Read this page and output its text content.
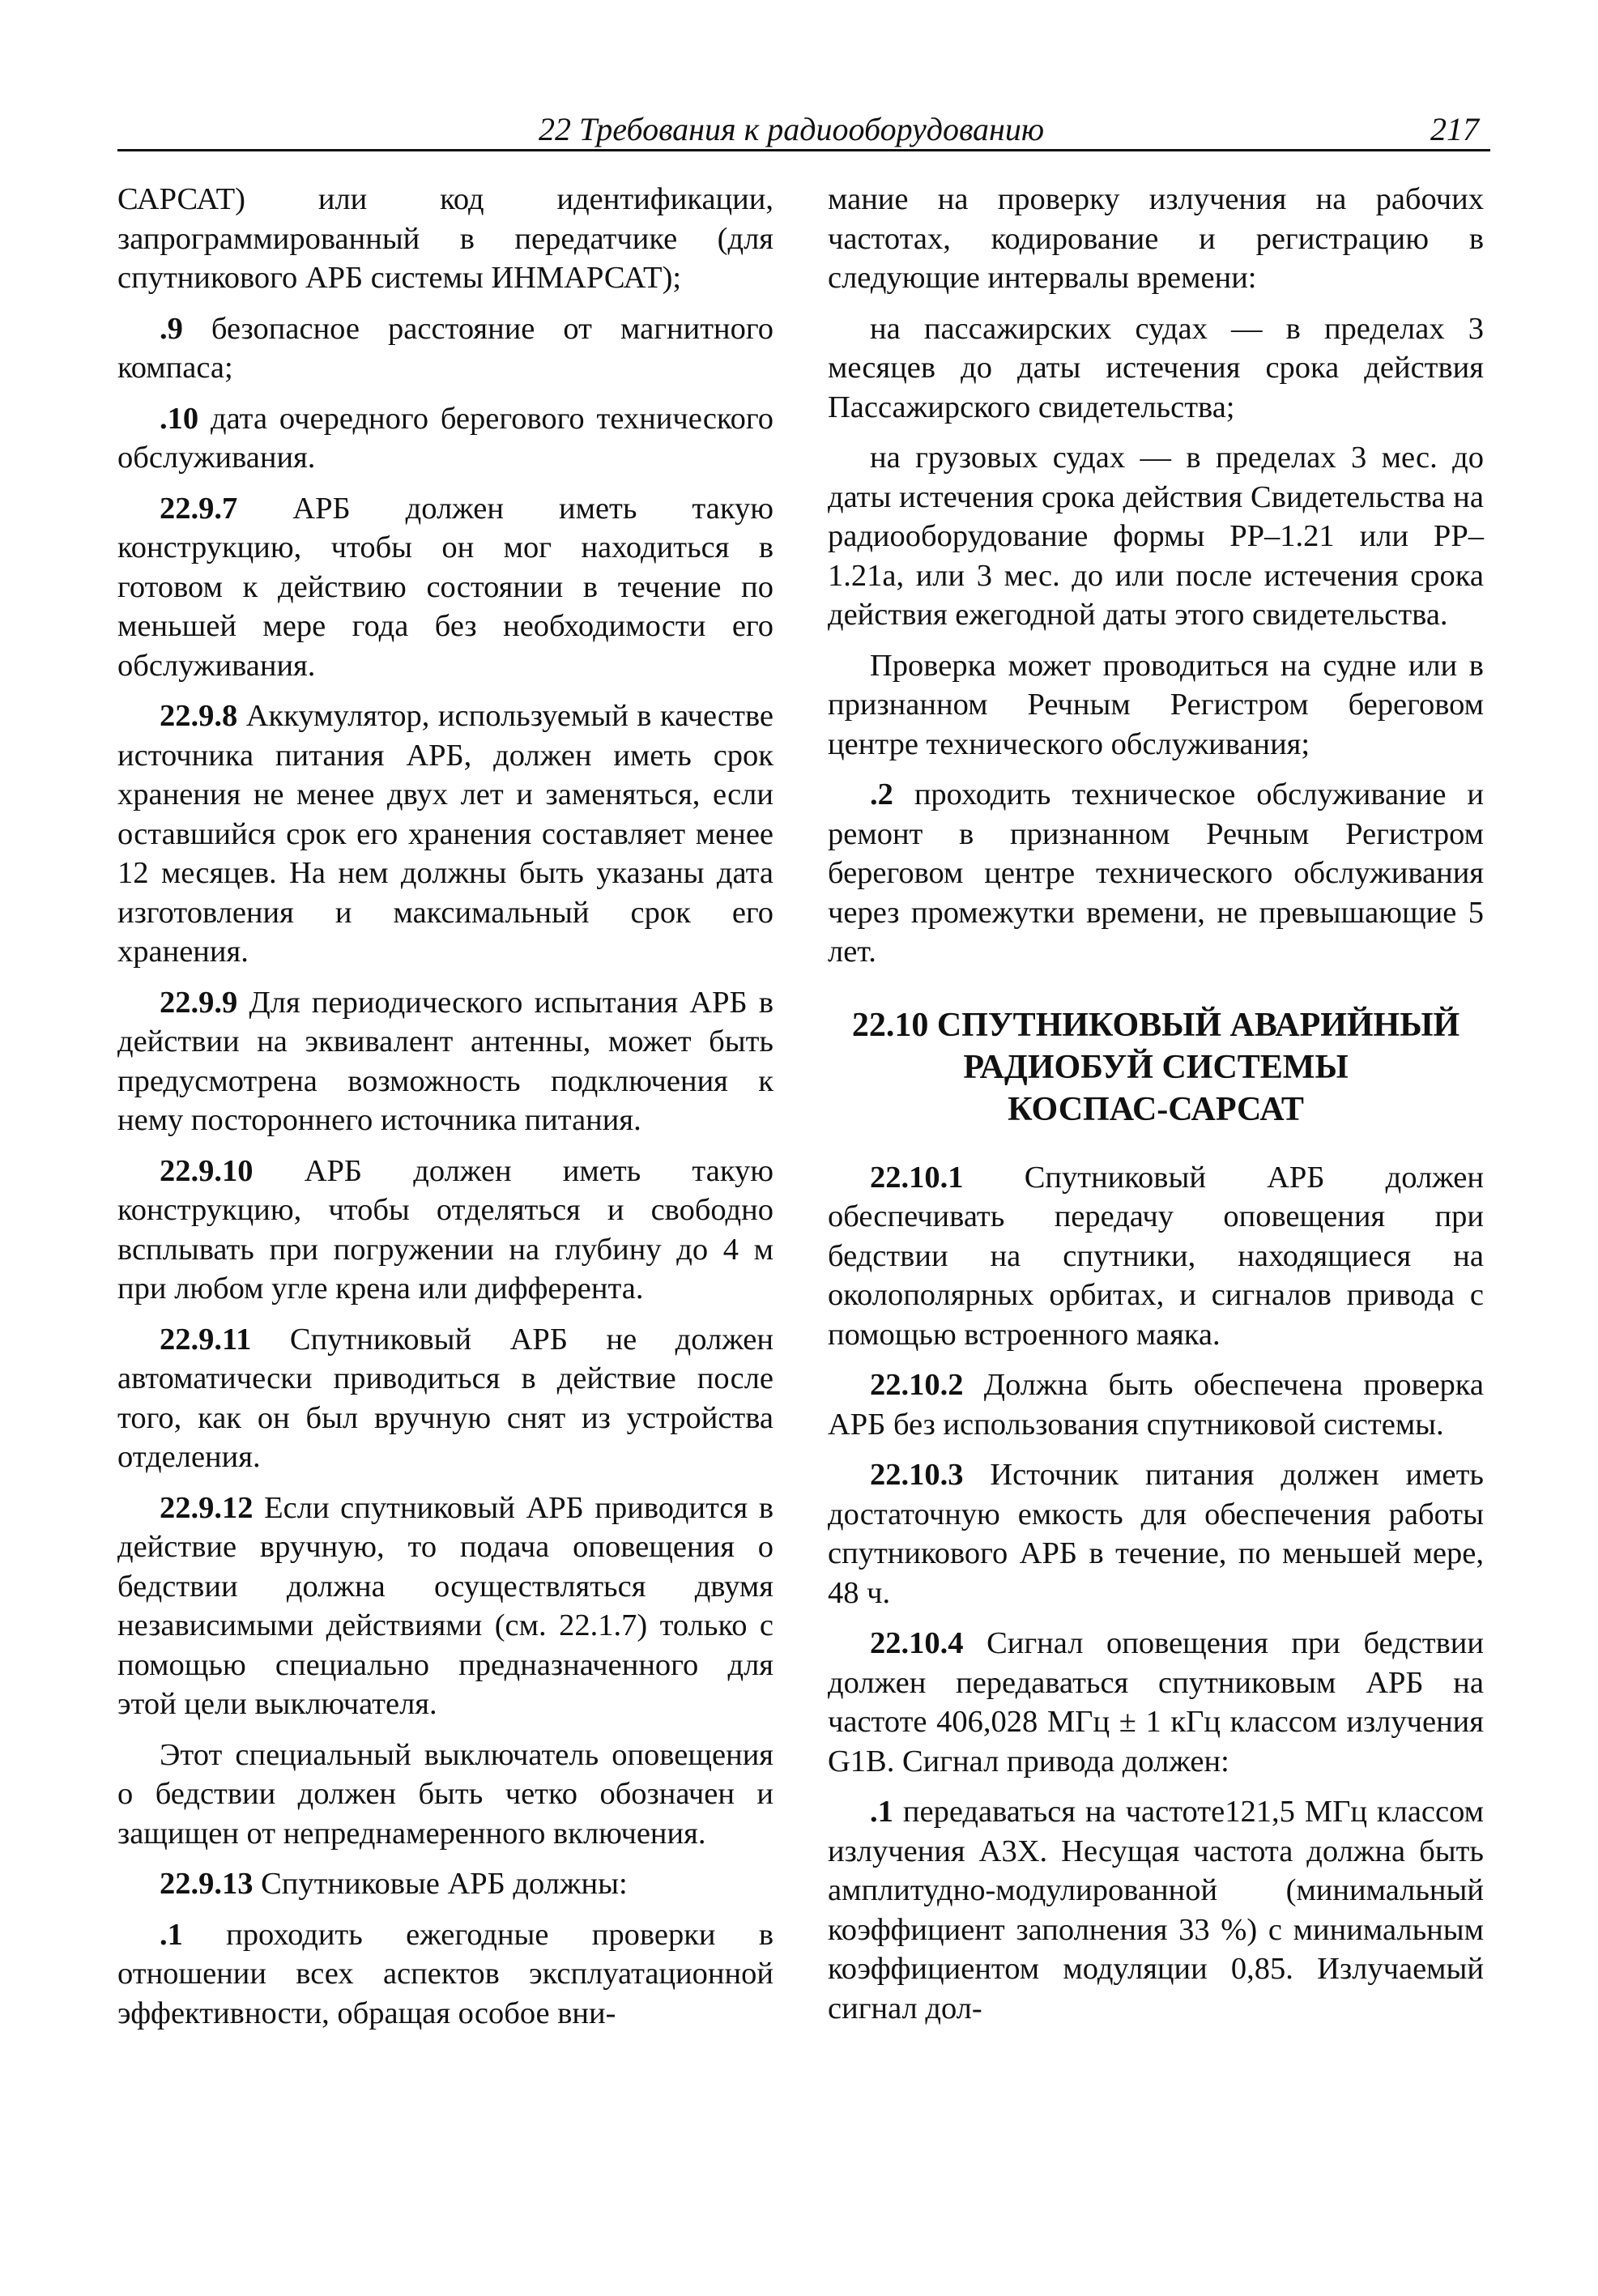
22 Требования к радиооборудованию	217

САРСАТ) или код идентификации, запрограммированный в передатчике (для спутникового АРБ системы ИНМАРСАТ);

.9 безопасное расстояние от магнитного компаса;

.10 дата очередного берегового технического обслуживания.

22.9.7 АРБ должен иметь такую конструкцию, чтобы он мог находиться в готовом к действию состоянии в течение по меньшей мере года без необходимости его обслуживания.

22.9.8 Аккумулятор, используемый в качестве источника питания АРБ, должен иметь срок хранения не менее двух лет и заменяться, если оставшийся срок его хранения составляет менее 12 месяцев. На нем должны быть указаны дата изготовления и максимальный срок его хранения.

22.9.9 Для периодического испытания АРБ в действии на эквивалент антенны, может быть предусмотрена возможность подключения к нему постороннего источника питания.

22.9.10 АРБ должен иметь такую конструкцию, чтобы отделяться и свободно всплывать при погружении на глубину до 4 м при любом угле крена или дифферента.

22.9.11 Спутниковый АРБ не должен автоматически приводиться в действие после того, как он был вручную снят из устройства отделения.

22.9.12 Если спутниковый АРБ приводится в действие вручную, то подача оповещения о бедствии должна осуществляться двумя независимыми действиями (см. 22.1.7) только с помощью специально предназначенного для этой цели выключателя.

Этот специальный выключатель оповещения о бедствии должен быть четко обозначен и защищен от непреднамеренного включения.

22.9.13 Спутниковые АРБ должны:

.1 проходить ежегодные проверки в отношении всех аспектов эксплуатационной эффективности, обращая особое вни-

мание на проверку излучения на рабочих частотах, кодирование и регистрацию в следующие интервалы времени:

на пассажирских судах — в пределах 3 месяцев до даты истечения срока действия Пассажирского свидетельства;

на грузовых судах — в пределах 3 мес. до даты истечения срока действия Свидетельства на радиооборудование формы РР–1.21 или РР–1.21а, или 3 мес. до или после истечения срока действия ежегодной даты этого свидетельства.

Проверка может проводиться на судне или в признанном Речным Регистром береговом центре технического обслуживания;

.2 проходить техническое обслуживание и ремонт в признанном Речным Регистром береговом центре технического обслуживания через промежутки времени, не превышающие 5 лет.

22.10 СПУТНИКОВЫЙ АВАРИЙНЫЙ
РАДИОБУЙ СИСТЕМЫ
КОСПАС-САРСАТ

22.10.1 Спутниковый АРБ должен обеспечивать передачу оповещения при бедствии на спутники, находящиеся на околополярных орбитах, и сигналов привода с помощью встроенного маяка.

22.10.2 Должна быть обеспечена проверка АРБ без использования спутниковой системы.

22.10.3 Источник питания должен иметь достаточную емкость для обеспечения работы спутникового АРБ в течение, по меньшей мере, 48 ч.

22.10.4 Сигнал оповещения при бедствии должен передаваться спутниковым АРБ на частоте 406,028 МГц ± 1 кГц классом излучения G1B. Сигнал привода должен:

.1 передаваться на частоте121,5 МГц классом излучения A3X. Несущая частота должна быть амплитудно-модулированной (минимальный коэффициент заполнения 33 %) с минимальным коэффициентом модуляции 0,85. Излучаемый сигнал дол-
